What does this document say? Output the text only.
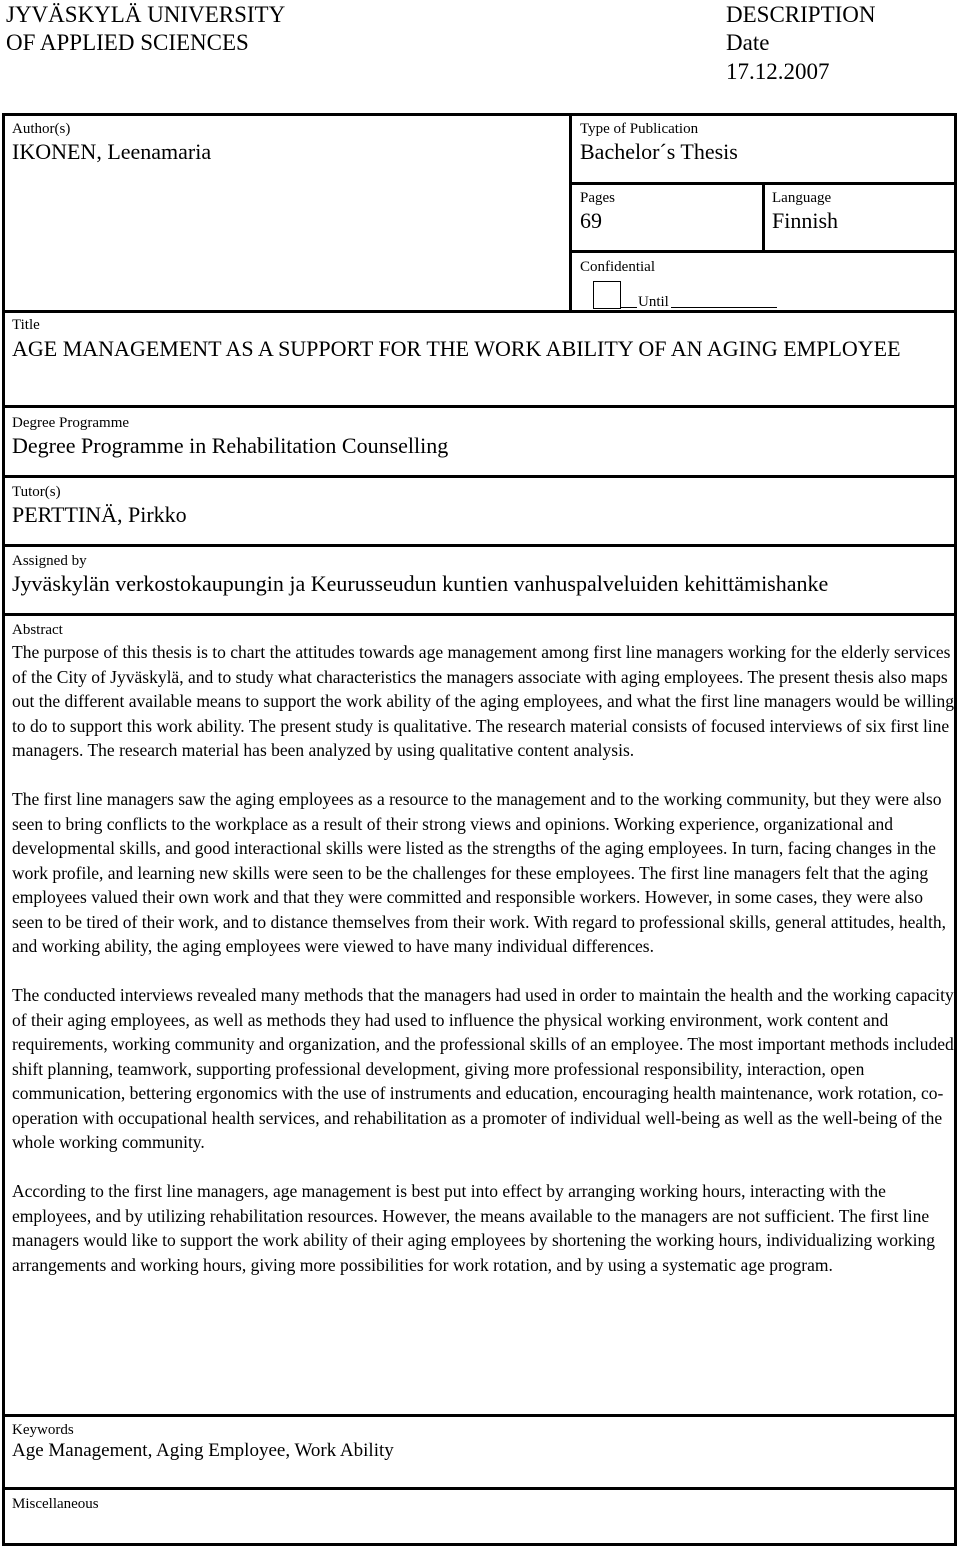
JYVÄSKYLÄ UNIVERSITY
OF APPLIED SCIENCES
DESCRIPTION
Date
17.12.2007
Author(s)
IKONEN, Leenamaria
Type of Publication
Bachelor´s Thesis
Pages
69
Language
Finnish
Confidential
Until
Title
AGE MANAGEMENT AS A SUPPORT FOR THE WORK ABILITY OF AN AGING EMPLOYEE
Degree Programme
Degree Programme in Rehabilitation Counselling
Tutor(s)
PERTTINÄ, Pirkko
Assigned by
Jyväskylän verkostokaupungin ja Keurusseudun kuntien vanhuspalveluiden kehittämishanke
Abstract

The purpose of this thesis is to chart the attitudes towards age management among first line managers working for the elderly services of the City of Jyväskylä, and to study what characteristics the managers associate with aging employees. The present thesis also maps out the different available means to support the work ability of the aging employees, and what the first line managers would be willing to do to support this work ability. The present study is qualitative. The research material consists of focused interviews of six first line managers. The research material has been analyzed by using qualitative content analysis.

The first line managers saw the aging employees as a resource to the management and to the working community, but they were also seen to bring conflicts to the workplace as a result of their strong views and opinions. Working experience, organizational and developmental skills, and good interactional skills were listed as the strengths of the aging employees. In turn, facing changes in the work profile, and learning new skills were seen to be the challenges for these employees. The first line managers felt that the aging employees valued their own work and that they were committed and responsible workers. However, in some cases, they were also seen to be tired of their work, and to distance themselves from their work. With regard to professional skills, general attitudes, health, and working ability, the aging employees were viewed to have many individual differences.

The conducted interviews revealed many methods that the managers had used in order to maintain the health and the working capacity of their aging employees, as well as methods they had used to influence the physical working environment, work content and requirements, working community and organization, and the professional skills of an employee. The most important methods included shift planning, teamwork, supporting professional development, giving more professional responsibility, interaction, open communication, bettering ergonomics with the use of instruments and education, encouraging health maintenance, work rotation, co-operation with occupational health services, and rehabilitation as a promoter of individual well-being as well as the well-being of the whole working community.

According to the first line managers, age management is best put into effect by arranging working hours, interacting with the employees, and by utilizing rehabilitation resources. However, the means available to the managers are not sufficient. The first line managers would like to support the work ability of their aging employees by shortening the working hours, individualizing working arrangements and working hours, giving more possibilities for work rotation, and by using a systematic age program.

Keywords
Age Management, Aging Employee, Work Ability
Miscellaneous
